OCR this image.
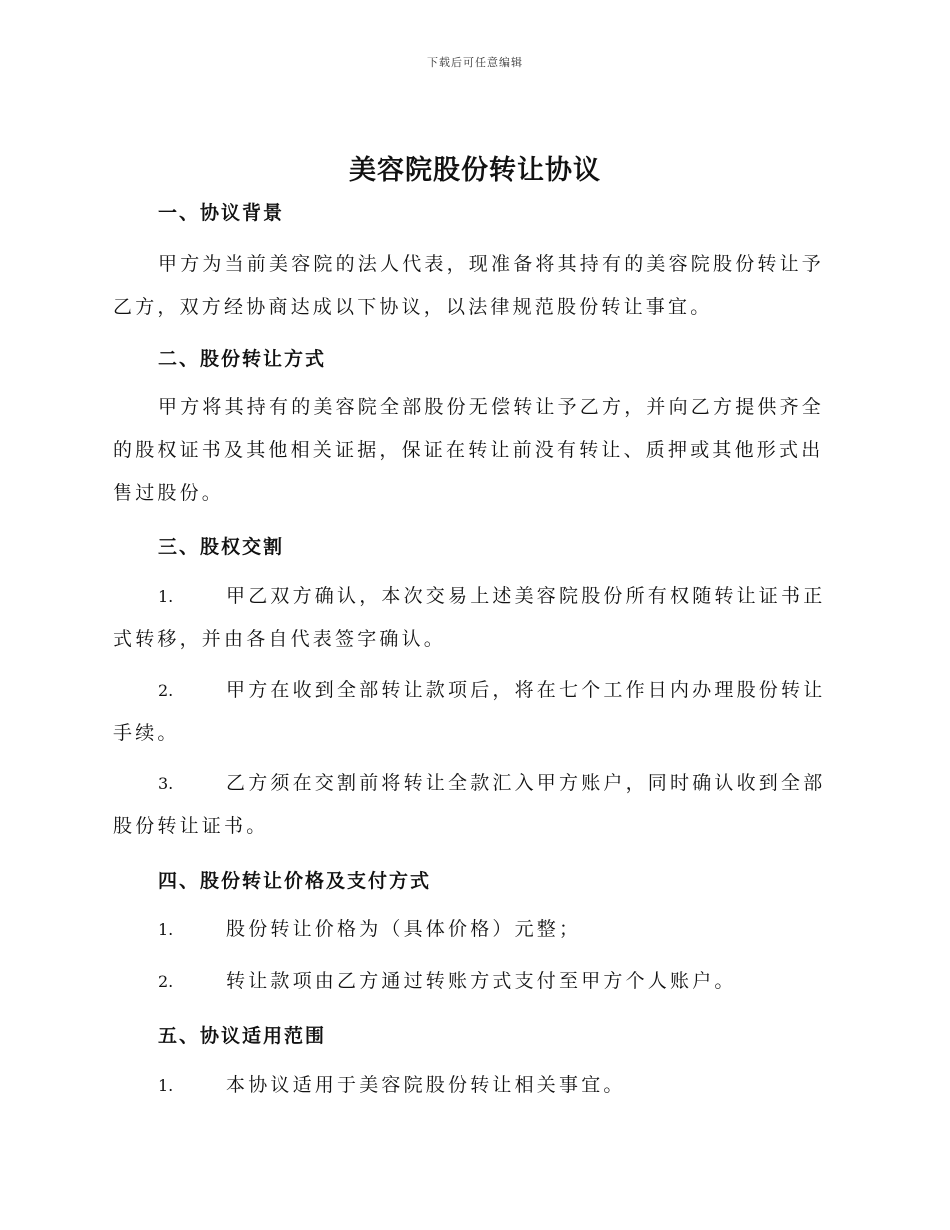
下载后可任意编辑
美容院股份转让协议
一、协议背景

甲方为当前美容院的法人代表，现准备将其持有的美容院股份转让予乙方，双方经协商达成以下协议，以法律规范股份转让事宜。

二、股份转让方式

甲方将其持有的美容院全部股份无偿转让予乙方，并向乙方提供齐全的股权证书及其他相关证据，保证在转让前没有转让、质押或其他形式出售过股份。

三、股权交割

1.	甲乙双方确认，本次交易上述美容院股份所有权随转让证书正式转移，并由各自代表签字确认。

2.	甲方在收到全部转让款项后，将在七个工作日内办理股份转让手续。

3.	乙方须在交割前将转让全款汇入甲方账户，同时确认收到全部股份转让证书。

四、股份转让价格及支付方式

1.	股份转让价格为（具体价格）元整；

2.	转让款项由乙方通过转账方式支付至甲方个人账户。

五、协议适用范围

1.	本协议适用于美容院股份转让相关事宜。
